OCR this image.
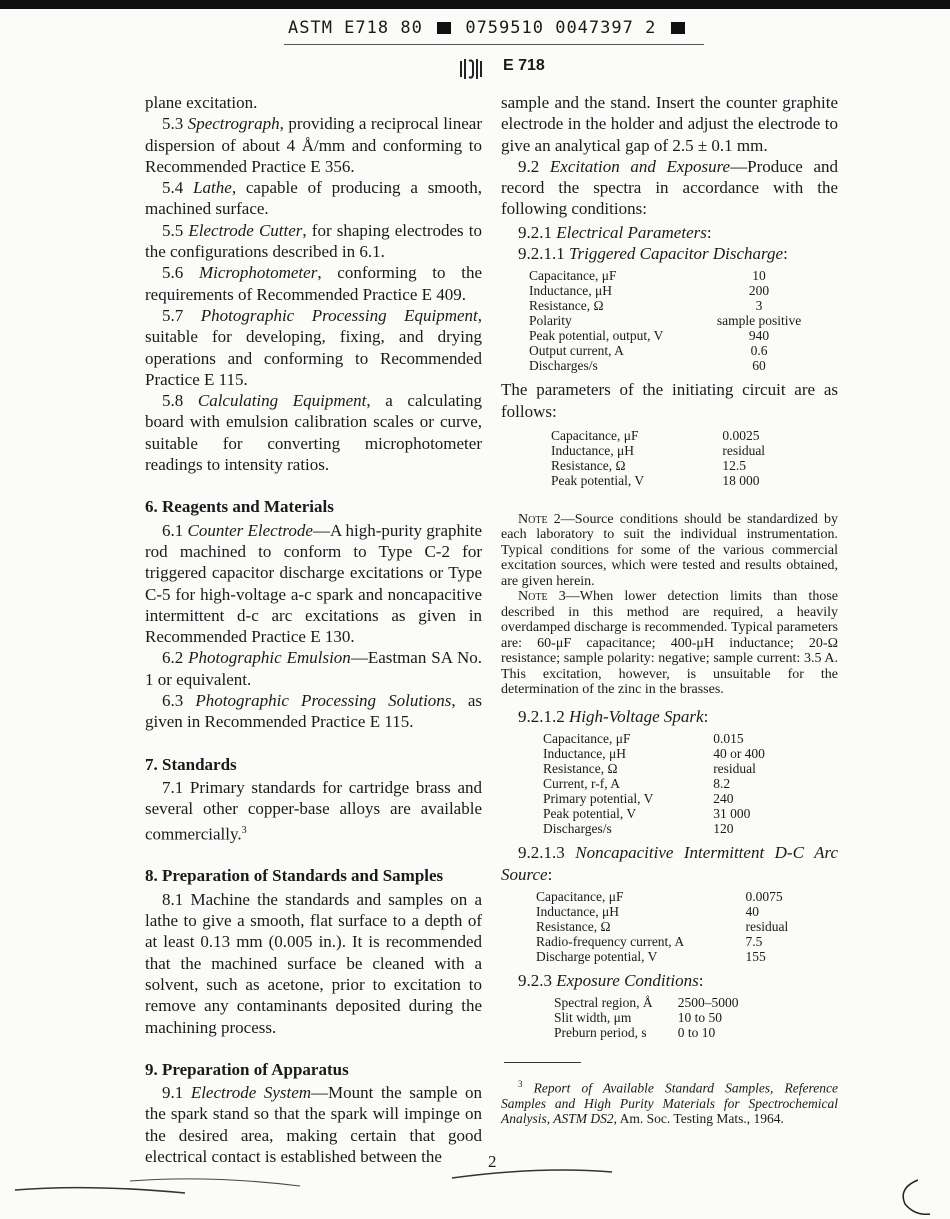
ASTM E718 80	0759510 0047397 2
E 718

plane excitation.

5.3 Spectrograph, providing a reciprocal linear dispersion of about 4 Å/mm and conforming to Recommended Practice E 356.

5.4 Lathe, capable of producing a smooth, machined surface.

5.5 Electrode Cutter, for shaping electrodes to the configurations described in 6.1.

5.6 Microphotometer, conforming to the requirements of Recommended Practice E 409.

5.7 Photographic Processing Equipment, suitable for developing, fixing, and drying operations and conforming to Recommended Practice E 115.

5.8 Calculating Equipment, a calculating board with emulsion calibration scales or curve, suitable for converting microphotometer readings to intensity ratios.

6. Reagents and Materials

6.1 Counter Electrode—A high-purity graphite rod machined to conform to Type C-2 for triggered capacitor discharge excitations or Type C-5 for high-voltage a-c spark and noncapacitive intermittent d-c arc excitations as given in Recommended Practice E 130.

6.2 Photographic Emulsion—Eastman SA No. 1 or equivalent.

6.3 Photographic Processing Solutions, as given in Recommended Practice E 115.

7. Standards

7.1 Primary standards for cartridge brass and several other copper-base alloys are available commercially.$^3$

8. Preparation of Standards and Samples

8.1 Machine the standards and samples on a lathe to give a smooth, flat surface to a depth of at least 0.13 mm (0.005 in.). It is recommended that the machined surface be cleaned with a solvent, such as acetone, prior to excitation to remove any contaminants deposited during the machining process.

9. Preparation of Apparatus

9.1 Electrode System—Mount the sample on the spark stand so that the spark will impinge on the desired area, making certain that good electrical contact is established between the

sample and the stand. Insert the counter graphite electrode in the holder and adjust the electrode to give an analytical gap of 2.5 ± 0.1 mm.

9.2 Excitation and Exposure—Produce and record the spectra in accordance with the following conditions:

9.2.1 Electrical Parameters:

9.2.1.1 Triggered Capacitor Discharge:

Capacitance, μF	10
Inductance, μH	200
Resistance, Ω	3
Polarity	sample positive
Peak potential, output, V	940
Output current, A	0.6
Discharges/s	60

The parameters of the initiating circuit are as follows:

Capacitance, μF	0.0025
Inductance, μH	residual
Resistance, Ω	12.5
Peak potential, V	18 000

Note 2—Source conditions should be standardized by each laboratory to suit the individual instrumentation. Typical conditions for some of the various commercial excitation sources, which were tested and results obtained, are given herein.

Note 3—When lower detection limits than those described in this method are required, a heavily overdamped discharge is recommended. Typical parameters are: 60-μF capacitance; 400-μH inductance; 20-Ω resistance; sample polarity: negative; sample current: 3.5 A. This excitation, however, is unsuitable for the determination of the zinc in the brasses.

9.2.1.2 High-Voltage Spark:

Capacitance, μF	0.015
Inductance, μH	40 or 400
Resistance, Ω	residual
Current, r-f, A	8.2
Primary potential, V	240
Peak potential, V	31 000
Discharges/s	120

9.2.1.3 Noncapacitive Intermittent D-C Arc Source:

Capacitance, μF	0.0075
Inductance, μH	40
Resistance, Ω	residual
Radio-frequency current, A	7.5
Discharge potential, V	155

9.2.3 Exposure Conditions:

Spectral region, Å	2500–5000
Slit width, μm	10 to 50
Preburn period, s	0 to 10

$^3$ Report of Available Standard Samples, Reference Samples and High Purity Materials for Spectrochemical Analysis, ASTM DS2, Am. Soc. Testing Mats., 1964.

2
